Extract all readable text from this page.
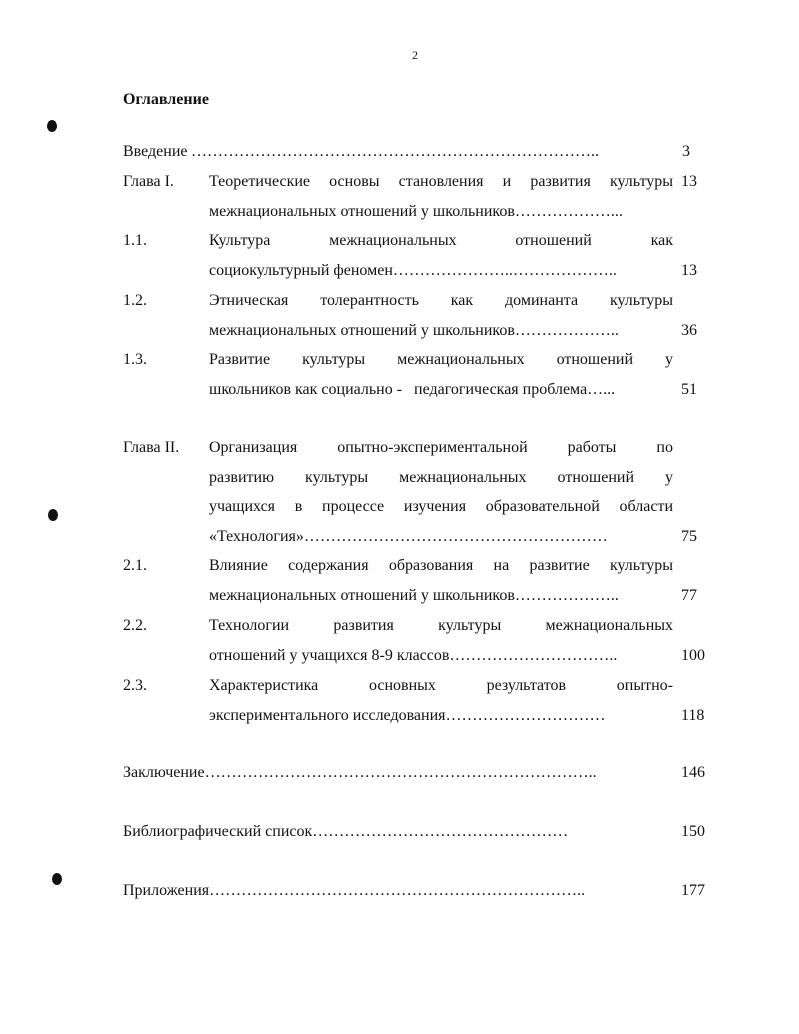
2
Оглавление
Введение …………………………………………………………………..	3
Глава I. Теоретические основы становления и развития культуры 13
межнациональных отношений у школьников………………...
1.1.	Культура межнациональных отношений как
социокультурный феномен…………………..………………..	13
1.2.	Этническая толерантность как доминанта культуры
межнациональных отношений у школьников………………..	36
1.3.	Развитие культуры межнациональных отношений у
школьников как социально -   педагогическая проблема…...	51
Глава II. Организация опытно-экспериментальной работы по
развитию культуры межнациональных отношений у
учащихся в процессе изучения образовательной области
«Технология»…………………………………………………	75
2.1.	Влияние содержания образования на развитие культуры
межнациональных отношений у школьников………………..	77
2.2.	Технологии развития культуры межнациональных
отношений у учащихся 8-9 классов…………………………..	100
2.3.	Характеристика основных результатов опытно-
экспериментального исследования…………………………	118
Заключение………………………………………………………………..	146
Библиографический список…………………………………………	150
Приложения……………………………………………………………..	177
